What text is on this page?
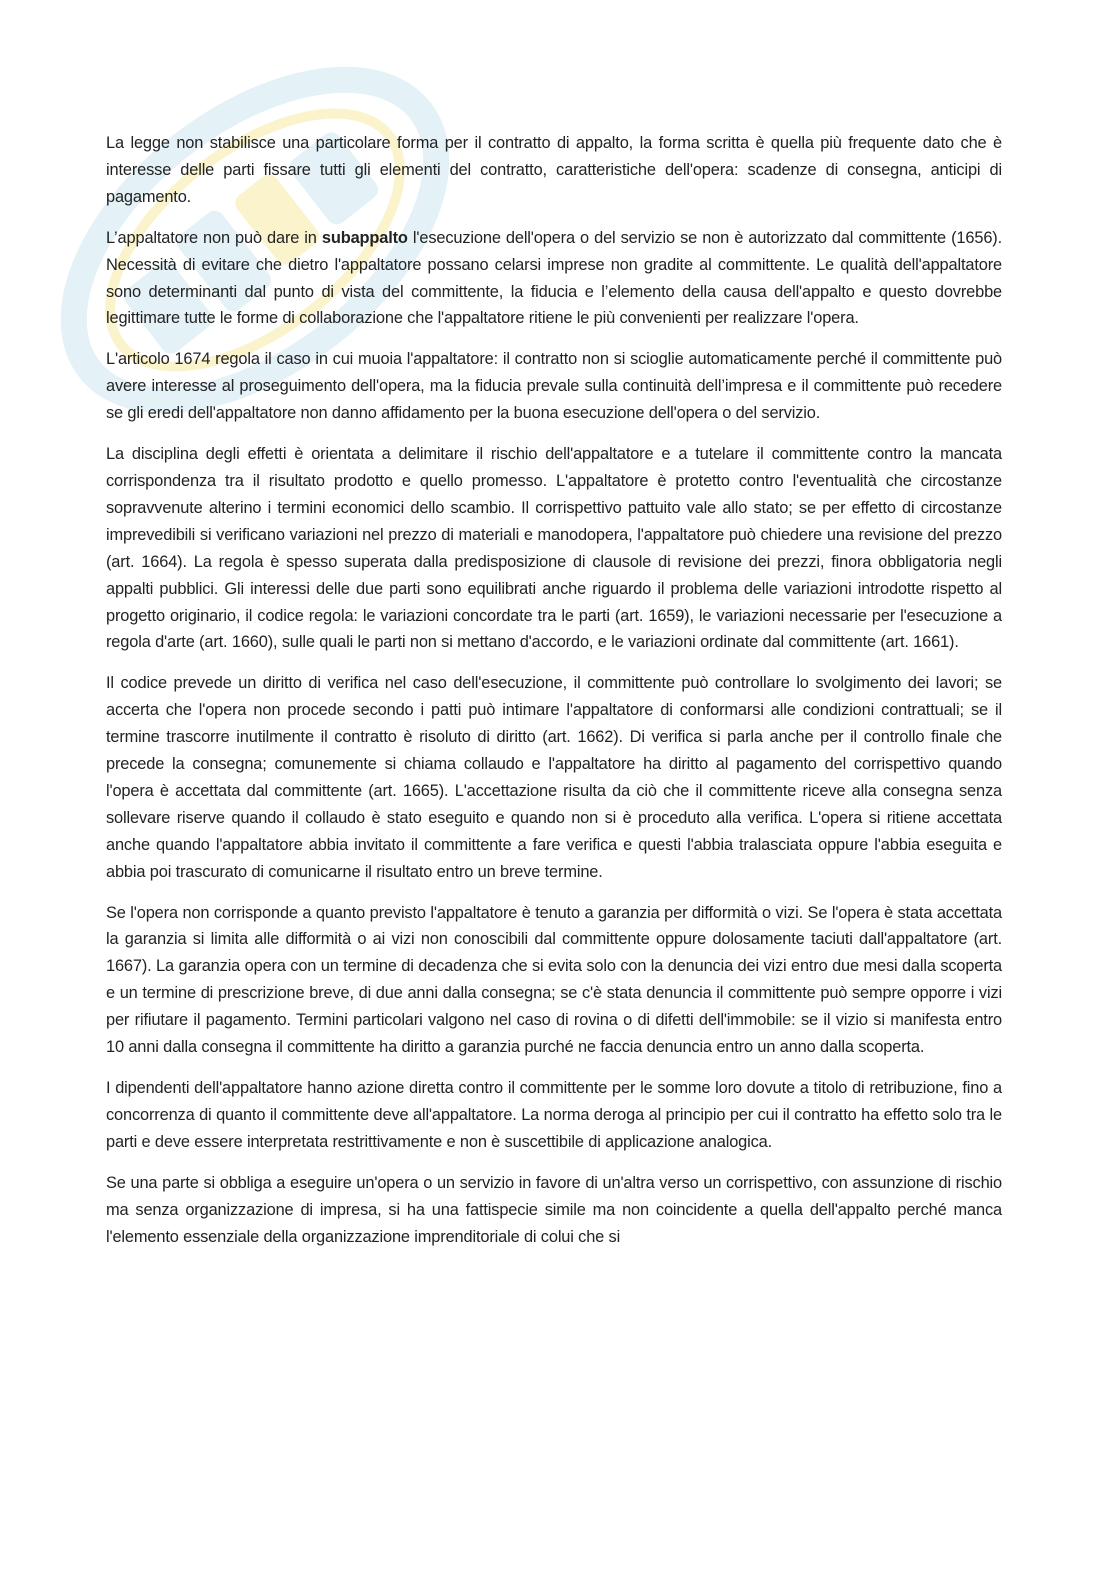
La legge non stabilisce una particolare forma per il contratto di appalto, la forma scritta è quella più frequente dato che è interesse delle parti fissare tutti gli elementi del contratto, caratteristiche dell'opera: scadenze di consegna, anticipi di pagamento.

L’appaltatore non può dare in subappalto l'esecuzione dell'opera o del servizio se non è autorizzato dal committente (1656). Necessità di evitare che dietro l'appaltatore possano celarsi imprese non gradite al committente. Le qualità dell'appaltatore sono determinanti dal punto di vista del committente, la fiducia e l’elemento della causa dell'appalto e questo dovrebbe legittimare tutte le forme di collaborazione che l'appaltatore ritiene le più convenienti per realizzare l'opera.

L'articolo 1674 regola il caso in cui muoia l'appaltatore: il contratto non si scioglie automaticamente perché il committente può avere interesse al proseguimento dell'opera, ma la fiducia prevale sulla continuità dell’impresa e il committente può recedere se gli eredi dell'appaltatore non danno affidamento per la buona esecuzione dell'opera o del servizio.

La disciplina degli effetti è orientata a delimitare il rischio dell'appaltatore e a tutelare il committente contro la mancata corrispondenza tra il risultato prodotto e quello promesso. L'appaltatore è protetto contro l'eventualità che circostanze sopravvenute alterino i termini economici dello scambio. Il corrispettivo pattuito vale allo stato; se per effetto di circostanze imprevedibili si verificano variazioni nel prezzo di materiali e manodopera, l'appaltatore può chiedere una revisione del prezzo (art. 1664). La regola è spesso superata dalla predisposizione di clausole di revisione dei prezzi, finora obbligatoria negli appalti pubblici. Gli interessi delle due parti sono equilibrati anche riguardo il problema delle variazioni introdotte rispetto al progetto originario, il codice regola: le variazioni concordate tra le parti (art. 1659), le variazioni necessarie per l'esecuzione a regola d'arte (art. 1660), sulle quali le parti non si mettano d'accordo, e le variazioni ordinate dal committente (art. 1661).

Il codice prevede un diritto di verifica nel caso dell'esecuzione, il committente può controllare lo svolgimento dei lavori; se accerta che l'opera non procede secondo i patti può intimare l'appaltatore di conformarsi alle condizioni contrattuali; se il termine trascorre inutilmente il contratto è risoluto di diritto (art. 1662). Di verifica si parla anche per il controllo finale che precede la consegna; comunemente si chiama collaudo e l'appaltatore ha diritto al pagamento del corrispettivo quando l'opera è accettata dal committente (art. 1665). L'accettazione risulta da ciò che il committente riceve alla consegna senza sollevare riserve quando il collaudo è stato eseguito e quando non si è proceduto alla verifica. L'opera si ritiene accettata anche quando l'appaltatore abbia invitato il committente a fare verifica e questi l'abbia tralasciata oppure l'abbia eseguita e abbia poi trascurato di comunicarne il risultato entro un breve termine.

Se l'opera non corrisponde a quanto previsto l'appaltatore è tenuto a garanzia per difformità o vizi. Se l'opera è stata accettata la garanzia si limita alle difformità o ai vizi non conoscibili dal committente oppure dolosamente taciuti dall'appaltatore (art. 1667). La garanzia opera con un termine di decadenza che si evita solo con la denuncia dei vizi entro due mesi dalla scoperta e un termine di prescrizione breve, di due anni dalla consegna; se c'è stata denuncia il committente può sempre opporre i vizi per rifiutare il pagamento. Termini particolari valgono nel caso di rovina o di difetti dell'immobile: se il vizio si manifesta entro 10 anni dalla consegna il committente ha diritto a garanzia purché ne faccia denuncia entro un anno dalla scoperta.

I dipendenti dell'appaltatore hanno azione diretta contro il committente per le somme loro dovute a titolo di retribuzione, fino a concorrenza di quanto il committente deve all'appaltatore. La norma deroga al principio per cui il contratto ha effetto solo tra le parti e deve essere interpretata restrittivamente e non è suscettibile di applicazione analogica.

Se una parte si obbliga a eseguire un'opera o un servizio in favore di un'altra verso un corrispettivo, con assunzione di rischio ma senza organizzazione di impresa, si ha una fattispecie simile ma non coincidente a quella dell'appalto perché manca l'elemento essenziale della organizzazione imprenditoriale di colui che si
